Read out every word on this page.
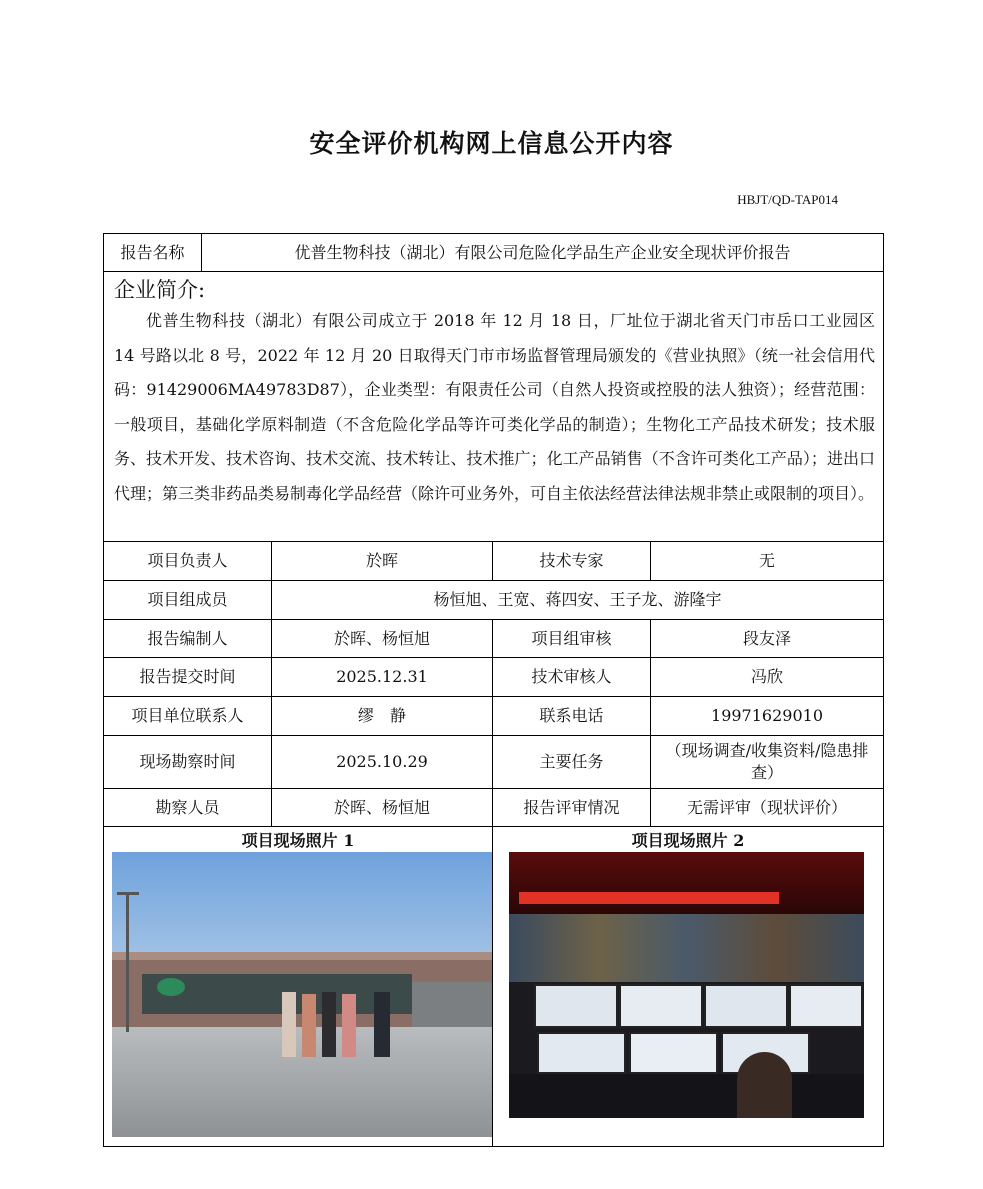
安全评价机构网上信息公开内容
HBJT/QD-TAP014
报告名称	优普生物科技（湖北）有限公司危险化学品生产企业安全现状评价报告			

企业简介:
优普生物科技（湖北）有限公司成立于 2018 年 12 月 18 日，厂址位于湖北省天门市岳口工业园区 14 号路以北 8 号，2022 年 12 月 20 日取得天门市市场监督管理局颁发的《营业执照》（统一社会信用代码：91429006MA49783D87），企业类型：有限责任公司（自然人投资或控股的法人独资）；经营范围：一般项目，基础化学原料制造（不含危险化学品等许可类化学品的制造）；生物化工产品技术研发；技术服务、技术开发、技术咨询、技术交流、技术转让、技术推广；化工产品销售（不含许可类化工产品）；进出口代理；第三类非药品类易制毒化学品经营（除许可业务外，可自主依法经营法律法规非禁止或限制的项目）。				

项目负责人		於晖	技术专家	无
项目组成员		杨恒旭、王宽、蒋四安、王子龙、游隆宇		
报告编制人		於晖、杨恒旭	项目组审核	段友泽
报告提交时间		2025.12.31	技术审核人	冯欣
项目单位联系人		缪　静	联系电话	19971629010
现场勘察时间		2025.10.29	主要任务	（现场调查/收集资料/隐患排查）
勘察人员		於晖、杨恒旭	报告评审情况	无需评审（现状评价）

项目现场照片 1			项目现场照片 2	
